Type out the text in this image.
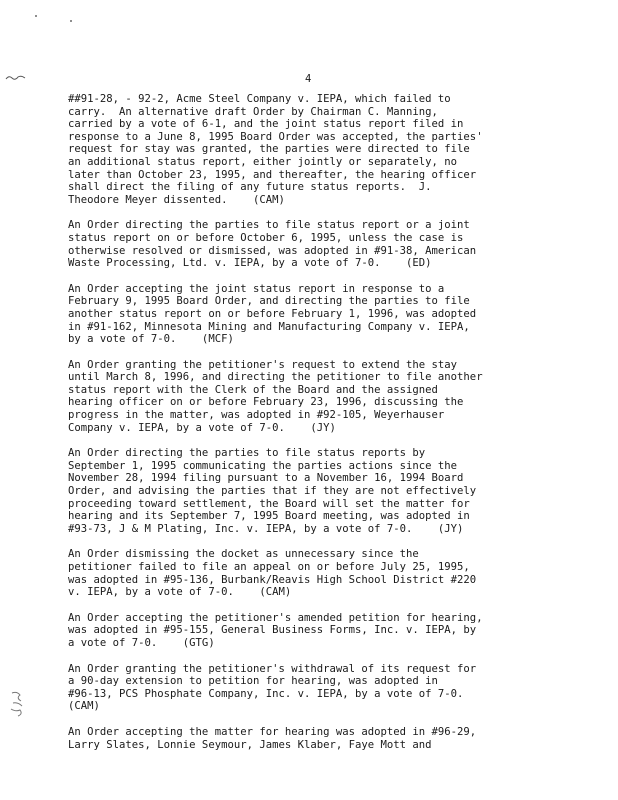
4
##91-28, - 92-2, Acme Steel Company v. IEPA, which failed to
carry.  An alternative draft Order by Chairman C. Manning,
carried by a vote of 6-1, and the joint status report filed in
response to a June 8, 1995 Board Order was accepted, the parties'
request for stay was granted, the parties were directed to file
an additional status report, either jointly or separately, no
later than October 23, 1995, and thereafter, the hearing officer
shall direct the filing of any future status reports.  J.
Theodore Meyer dissented.    (CAM)
An Order directing the parties to file status report or a joint
status report on or before October 6, 1995, unless the case is
otherwise resolved or dismissed, was adopted in #91-38, American
Waste Processing, Ltd. v. IEPA, by a vote of 7-0.    (ED)
An Order accepting the joint status report in response to a
February 9, 1995 Board Order, and directing the parties to file
another status report on or before February 1, 1996, was adopted
in #91-162, Minnesota Mining and Manufacturing Company v. IEPA,
by a vote of 7-0.    (MCF)
An Order granting the petitioner's request to extend the stay
until March 8, 1996, and directing the petitioner to file another
status report with the Clerk of the Board and the assigned
hearing officer on or before February 23, 1996, discussing the
progress in the matter, was adopted in #92-105, Weyerhauser
Company v. IEPA, by a vote of 7-0.    (JY)
An Order directing the parties to file status reports by
September 1, 1995 communicating the parties actions since the
November 28, 1994 filing pursuant to a November 16, 1994 Board
Order, and advising the parties that if they are not effectively
proceeding toward settlement, the Board will set the matter for
hearing and its September 7, 1995 Board meeting, was adopted in
#93-73, J & M Plating, Inc. v. IEPA, by a vote of 7-0.    (JY)
An Order dismissing the docket as unnecessary since the
petitioner failed to file an appeal on or before July 25, 1995,
was adopted in #95-136, Burbank/Reavis High School District #220
v. IEPA, by a vote of 7-0.    (CAM)
An Order accepting the petitioner's amended petition for hearing,
was adopted in #95-155, General Business Forms, Inc. v. IEPA, by
a vote of 7-0.    (GTG)
An Order granting the petitioner's withdrawal of its request for
a 90-day extension to petition for hearing, was adopted in
#96-13, PCS Phosphate Company, Inc. v. IEPA, by a vote of 7-0.
(CAM)
An Order accepting the matter for hearing was adopted in #96-29,
Larry Slates, Lonnie Seymour, James Klaber, Faye Mott and
